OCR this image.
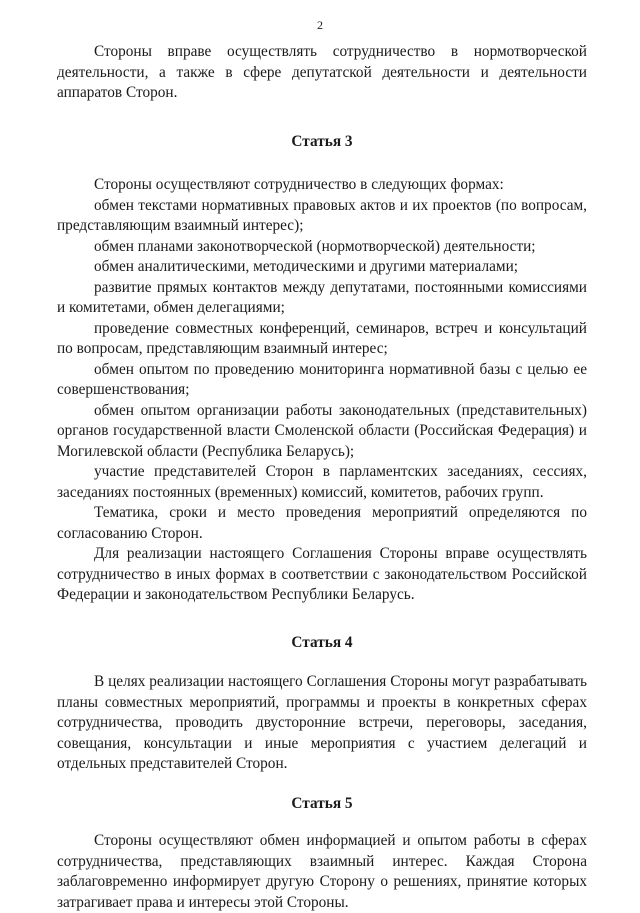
2

Стороны вправе осуществлять сотрудничество в нормотворческой деятельности, а также в сфере депутатской деятельности и деятельности аппаратов Сторон.

Статья 3

Стороны осуществляют сотрудничество в следующих формах:

обмен текстами нормативных правовых актов и их проектов (по вопросам, представляющим взаимный интерес);

обмен планами законотворческой (нормотворческой) деятельности;

обмен аналитическими, методическими и другими материалами;

развитие прямых контактов между депутатами, постоянными комиссиями и комитетами, обмен делегациями;

проведение совместных конференций, семинаров, встреч и консультаций по вопросам, представляющим взаимный интерес;

обмен опытом по проведению мониторинга нормативной базы с целью ее совершенствования;

обмен опытом организации работы законодательных (представительных) органов государственной власти Смоленской области (Российская Федерация) и Могилевской области (Республика Беларусь);

участие представителей Сторон в парламентских заседаниях, сессиях, заседаниях постоянных (временных) комиссий, комитетов, рабочих групп.

Тематика, сроки и место проведения мероприятий определяются по согласованию Сторон.

Для реализации настоящего Соглашения Стороны вправе осуществлять сотрудничество в иных формах в соответствии с законодательством Российской Федерации и законодательством Республики Беларусь.

Статья 4

В целях реализации настоящего Соглашения Стороны могут разрабатывать планы совместных мероприятий, программы и проекты в конкретных сферах сотрудничества, проводить двусторонние встречи, переговоры, заседания, совещания, консультации и иные мероприятия с участием делегаций и отдельных представителей Сторон.

Статья 5

Стороны осуществляют обмен информацией и опытом работы в сферах сотрудничества, представляющих взаимный интерес. Каждая Сторона заблаговременно информирует другую Сторону о решениях, принятие которых затрагивает права и интересы этой Стороны.
